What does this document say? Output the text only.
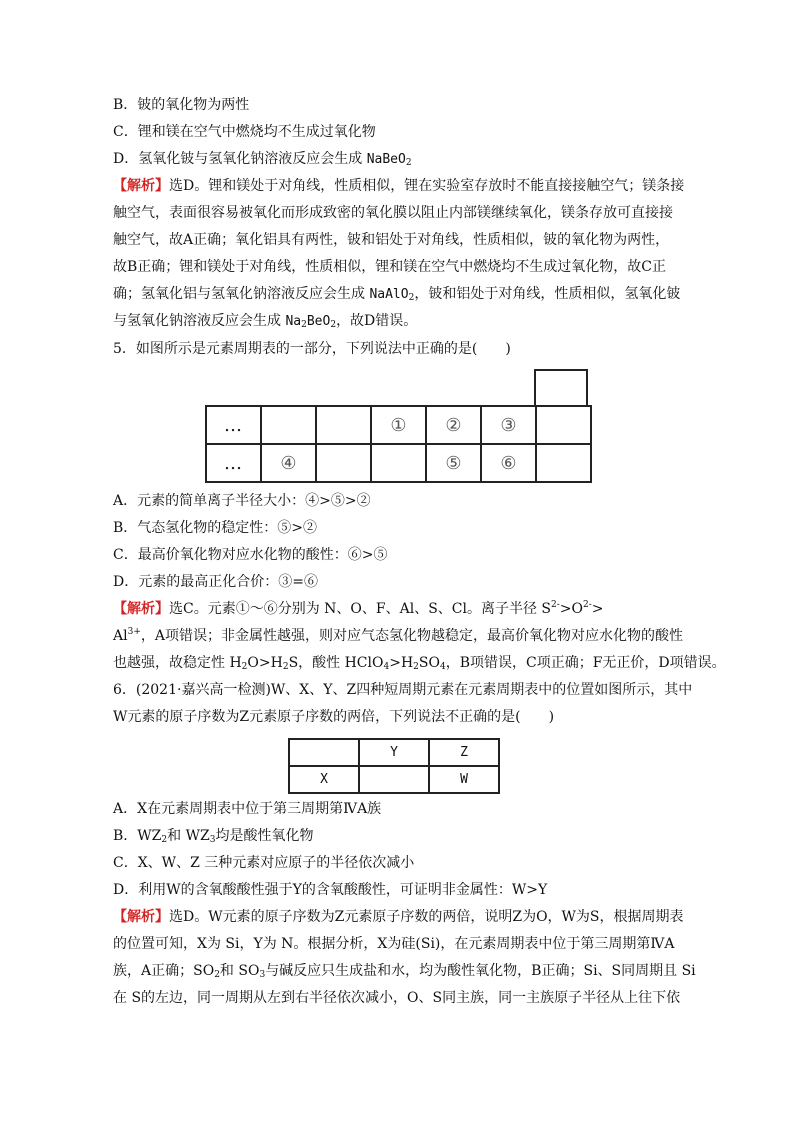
B．铍的氧化物为两性
C．锂和镁在空气中燃烧均不生成过氧化物
D．氢氧化铍与氢氧化钠溶液反应会生成 NaBeO$_2$
【解析】选D。锂和镁处于对角线，性质相似，锂在实验室存放时不能直接接触空气；镁条接
触空气，表面很容易被氧化而形成致密的氧化膜以阻止内部镁继续氧化，镁条存放可直接接
触空气，故A正确；氧化铝具有两性，铍和铝处于对角线，性质相似，铍的氧化物为两性，
故B正确；锂和镁处于对角线，性质相似，锂和镁在空气中燃烧均不生成过氧化物，故C正
确；氢氧化铝与氢氧化钠溶液反应会生成 NaAlO$_2$，铍和铝处于对角线，性质相似，氢氧化铍
与氢氧化钠溶液反应会生成 $Na_2BeO_2$，故D错误。
5．如图所示是元素周期表的一部分，下列说法中正确的是(　　)
…			①	②	③	
…	④			⑤	⑥	
A．元素的简单离子半径大小：④>⑤>②
B．气态氢化物的稳定性：⑤>②
C．最高价氧化物对应水化物的酸性：⑥>⑤
D．元素的最高正化合价：③=⑥
【解析】选C。元素①～⑥分别为 N、O、F、Al、S、Cl。离子半径 $S^{2-}>O^{2-}>$
$Al^{3+}$，A项错误；非金属性越强，则对应气态氢化物越稳定，最高价氧化物对应水化物的酸性
也越强，故稳定性 $H_2O>H_2S$，酸性 $HClO_4>H_2SO_4$，B项错误，C项正确；F无正价，D项错误。
6．(2021·嘉兴高一检测)W、X、Y、Z四种短周期元素在元素周期表中的位置如图所示，其中
W元素的原子序数为Z元素原子序数的两倍，下列说法不正确的是(　　)
	Y	Z
X		W
A．X在元素周期表中位于第三周期第ⅣA族
B．$WZ_2$和 $WZ_3$均是酸性氧化物
C．X、W、Z 三种元素对应原子的半径依次减小
D．利用W的含氧酸酸性强于Y的含氧酸酸性，可证明非金属性：W>Y
【解析】选D。W元素的原子序数为Z元素原子序数的两倍，说明Z为O，W为S，根据周期表
的位置可知，X为 Si，Y为 N。根据分析，X为硅(Si)，在元素周期表中位于第三周期第ⅣA
族，A正确；$SO_2$和 $SO_3$与碱反应只生成盐和水，均为酸性氧化物，B正确；Si、S同周期且 Si
在 S的左边，同一周期从左到右半径依次减小，O、S同主族，同一主族原子半径从上往下依
